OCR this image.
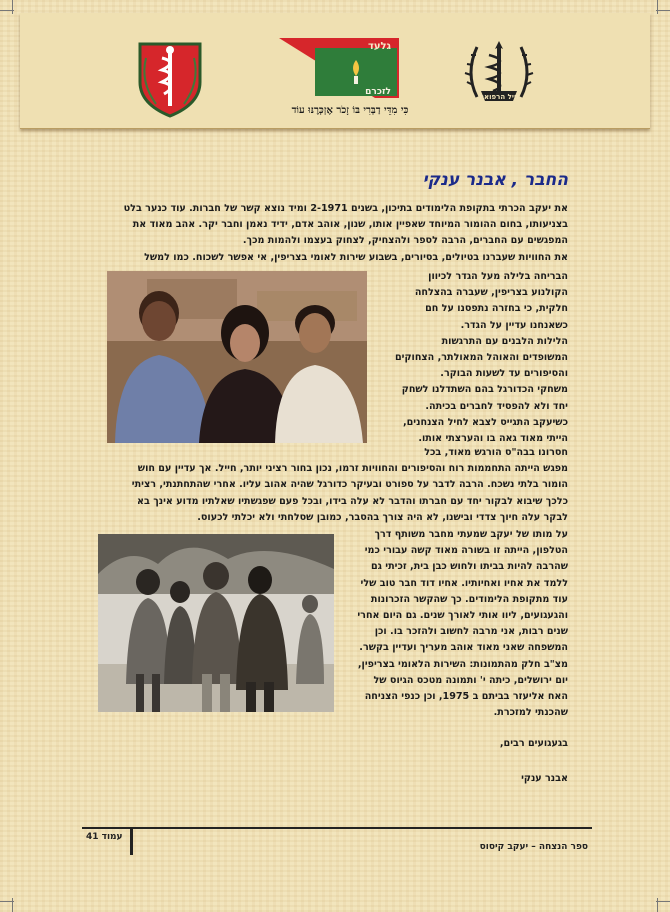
גלעד
לזכרם	חיל הרפואה
כִּי מִדֵּי דַבְּרִי בּוֹ זָכֹר אֶזְכְּרֶנּוּ עוֹד
החבר , אבנר ענקי
את יעקב הכרתי בתקופת הלימודים בתיכון, בשנים 2-1971 ומיד נוצא קשר של חברות. עוד כנער בלט
בצניעותו, בחום ההומור המיוחד שאפיין אותו, שנון, אוהב אדם, ידיד נאמן וחבר יקר. אהב מאוד את
המפגשים עם החברים, הרבה לספר ולהצחיק, לצחוק בעצמו ולהמות מכך.
את החוויות שעברנו בטיולים, בסיורים, בשבוע שירות לאומי בצריפין, אי אפשר לשכוח. כמו למשל
הבריחה בלילה מעל הגדר לכיוון
הקולנוע בצריפין, שעברה בהצלחה
חלקית, כי בחזרה נתפסנו על חם
כשאנחנו עדיין על הגדר.
הלילות הלבנים עם התרגשות
המשופדים והאוהל המאולתר, הצחוקים
והסיפורים עד לשעות הבוקר.
משחקי הכדורגל בהם השתדלנו לשחק
יחד ולא להפסיד לחברים בכיתה.
כשיעקב התגייס לצבא לחיל הצנחנים,
הייתי מאוד גאה בו והערצתי אותו.
חסרונו בבה"ס הורגש מאוד, בכל
מפגש הייתה התחממות רוח והסיפורים והחוויות זרמו, נכון בחור רציני יותר, חייל. אך עדיין עם חוש
הומור בלתי נשכח. הרבה לדבר על ספורט ובעיקר כדורגל שהיה אהוב עליו. אחרי שהתחתנתי, רציתי
כלכך שיבוא לבקור יחד עם חברתו והדבר לא עלה בידו, ובכל פעם שפגשתיו שאלתיו מדוע אינך בא
לבקר עלה חיוך צדדי ובישנו, לא היה צורך בהסבר, כמובן שסלחתי ולא יכלתי לכעוס.
על מותו של יעקב שמעתי מחבר משותף דרך
הטלפון, הייתה זו בשורה מאוד קשה עבורי כמי
שהרבה להיות בביתו ולחוש כבן בית, זכיתי גם
ללמד את אחיו ואחיותיו. אחיו דוד חבר טוב שלי
עוד מתקופת הלימודים. כך שהקשר הזכרונות
והגעגועים, ליוו אותי לאורך שנים. גם היום אחרי
שנים רבות, אני מרבה לחשוב ולהזכר בו. וכן
המשפחה שאני מאוד אוהב מעריך ועדיין בקשר.
מצ"ב חלק מהתמונות: השירות הלאומי בצריפין,
יום ירושלים, כיתה י' ותמונה מטכס הגיוס של
האח אליעזר בביתם ב 1975, וכן כנפי הצניחה
שהכנתי למזכרת.
בגעגועים רבים,
אבנר ענקי
עמוד 41
ספר הנצחה – יעקב קיסוס
